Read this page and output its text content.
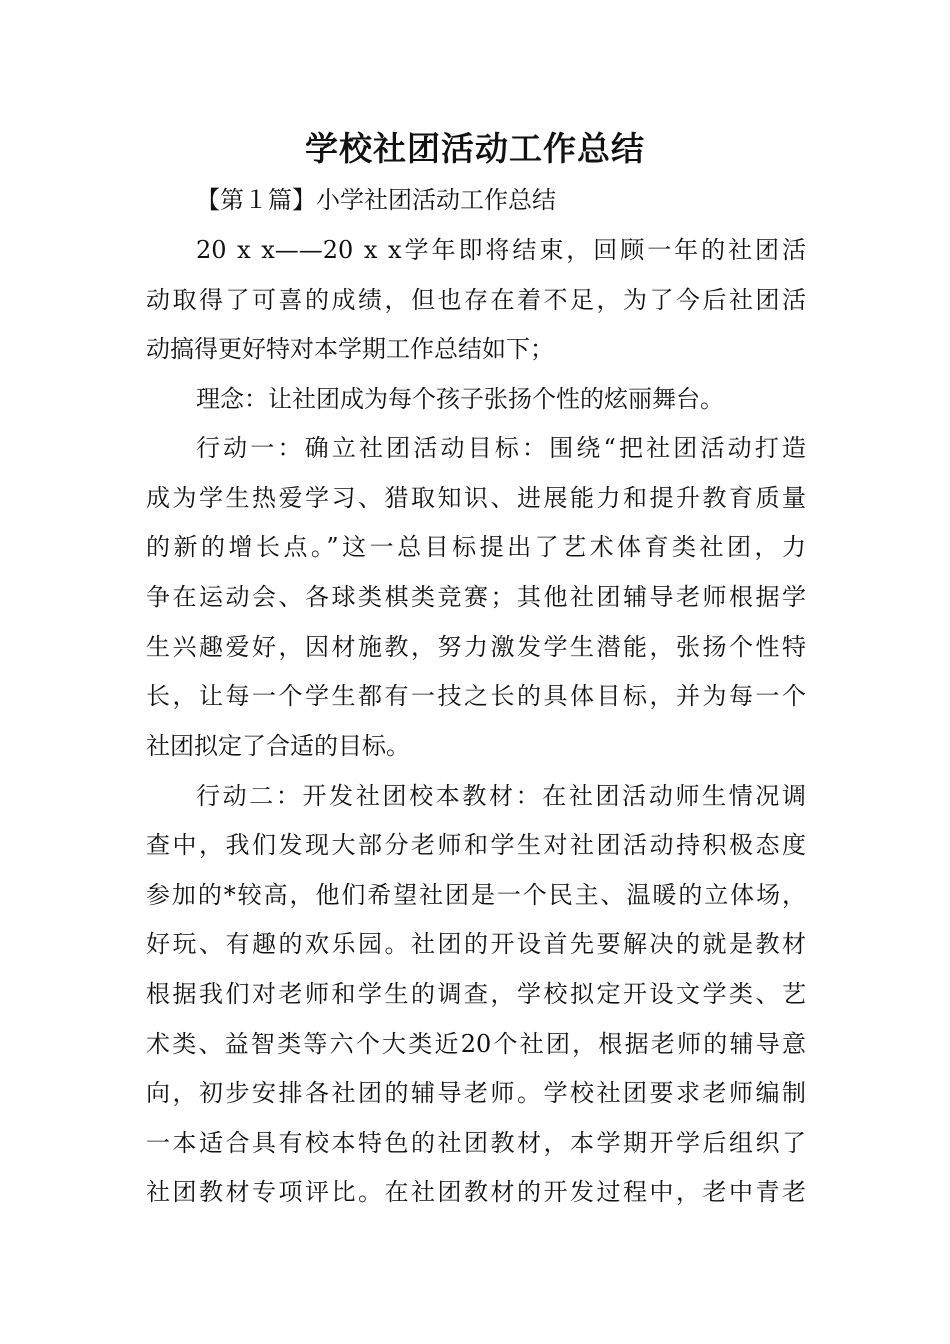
学校社团活动工作总结

【第１篇】小学社团活动工作总结

20 x x——20 x x学年即将结束，回顾一年的社团活

动取得了可喜的成绩，但也存在着不足，为了今后社团活

动搞得更好特对本学期工作总结如下；

理念：让社团成为每个孩子张扬个性的炫丽舞台。

行动一：确立社团活动目标：围绕“把社团活动打造

成为学生热爱学习、猎取知识、进展能力和提升教育质量

的新的增长点。”这一总目标提出了艺术体育类社团，力

争在运动会、各球类棋类竞赛；其他社团辅导老师根据学

生兴趣爱好，因材施教，努力激发学生潜能，张扬个性特

长，让每一个学生都有一技之长的具体目标，并为每一个

社团拟定了合适的目标。

行动二：开发社团校本教材：在社团活动师生情况调

查中，我们发现大部分老师和学生对社团活动持积极态度

参加的*较高，他们希望社团是一个民主、温暖的立体场，

好玩、有趣的欢乐园。社团的开设首先要解决的就是教材

根据我们对老师和学生的调查，学校拟定开设文学类、艺

术类、益智类等六个大类近20个社团，根据老师的辅导意

向，初步安排各社团的辅导老师。学校社团要求老师编制

一本适合具有校本特色的社团教材，本学期开学后组织了

社团教材专项评比。在社团教材的开发过程中，老中青老
